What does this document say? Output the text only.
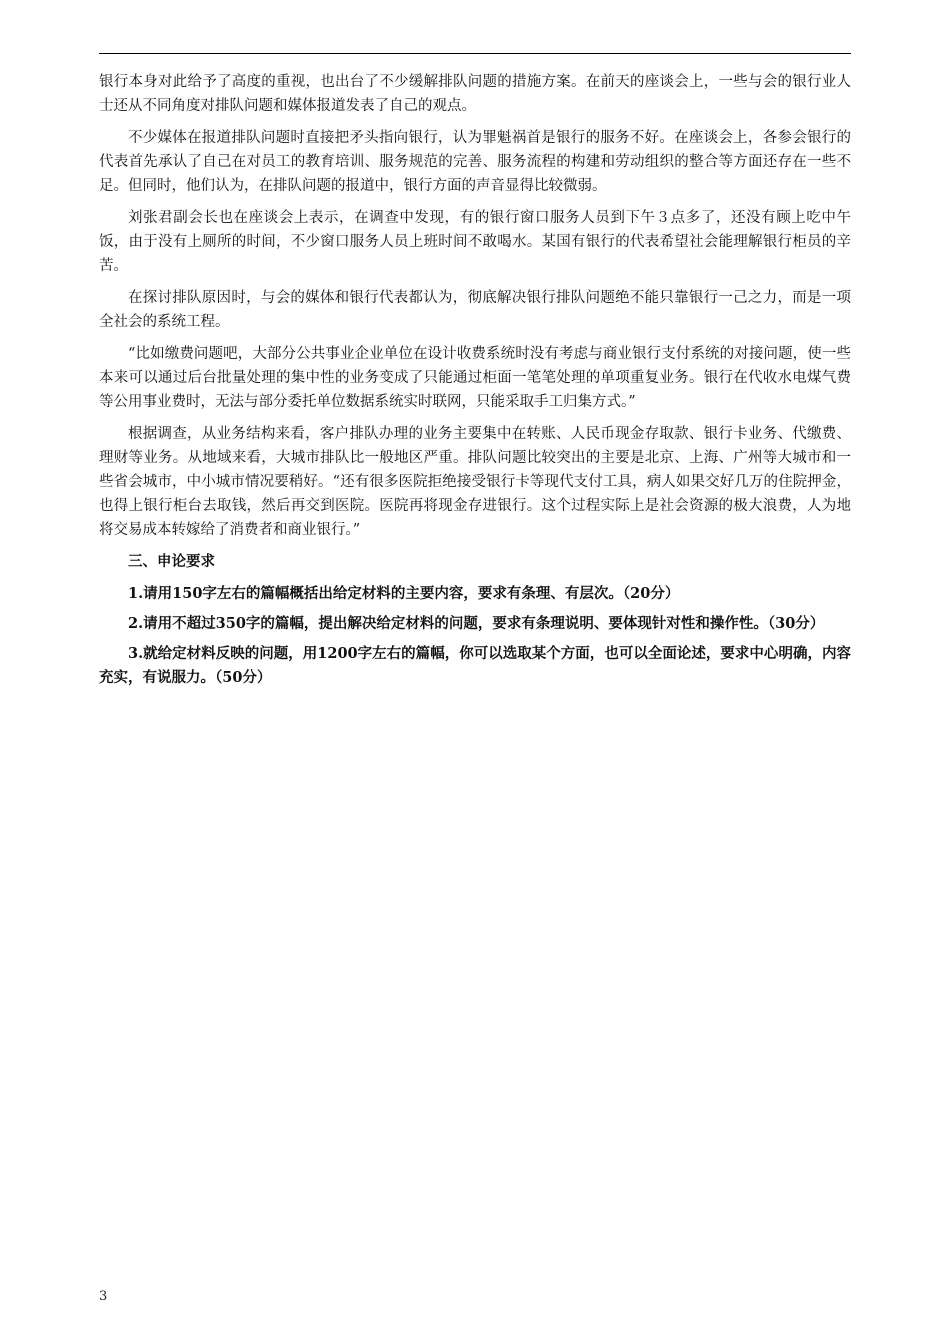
银行本身对此给予了高度的重视，也出台了不少缓解排队问题的措施方案。在前天的座谈会上，一些与会的银行业人士还从不同角度对排队问题和媒体报道发表了自己的观点。

不少媒体在报道排队问题时直接把矛头指向银行，认为罪魁祸首是银行的服务不好。在座谈会上，各参会银行的代表首先承认了自己在对员工的教育培训、服务规范的完善、服务流程的构建和劳动组织的整合等方面还存在一些不足。但同时，他们认为，在排队问题的报道中，银行方面的声音显得比较微弱。

刘张君副会长也在座谈会上表示，在调查中发现，有的银行窗口服务人员到下午３点多了，还没有顾上吃中午饭，由于没有上厕所的时间，不少窗口服务人员上班时间不敢喝水。某国有银行的代表希望社会能理解银行柜员的辛苦。

在探讨排队原因时，与会的媒体和银行代表都认为，彻底解决银行排队问题绝不能只靠银行一己之力，而是一项全社会的系统工程。

“比如缴费问题吧，大部分公共事业企业单位在设计收费系统时没有考虑与商业银行支付系统的对接问题，使一些本来可以通过后台批量处理的集中性的业务变成了只能通过柜面一笔笔处理的单项重复业务。银行在代收水电煤气费等公用事业费时，无法与部分委托单位数据系统实时联网，只能采取手工归集方式。”

根据调查，从业务结构来看，客户排队办理的业务主要集中在转账、人民币现金存取款、银行卡业务、代缴费、理财等业务。从地域来看，大城市排队比一般地区严重。排队问题比较突出的主要是北京、上海、广州等大城市和一些省会城市，中小城市情况要稍好。“还有很多医院拒绝接受银行卡等现代支付工具，病人如果交好几万的住院押金，也得上银行柜台去取钱，然后再交到医院。医院再将现金存进银行。这个过程实际上是社会资源的极大浪费，人为地将交易成本转嫁给了消费者和商业银行。”

三、申论要求

1.请用150字左右的篇幅概括出给定材料的主要内容，要求有条理、有层次。（20分）

2.请用不超过350字的篇幅，提出解决给定材料的问题，要求有条理说明、要体现针对性和操作性。（30分）

3.就给定材料反映的问题，用1200字左右的篇幅，你可以选取某个方面，也可以全面论述，要求中心明确，内容充实，有说服力。（50分）

3
